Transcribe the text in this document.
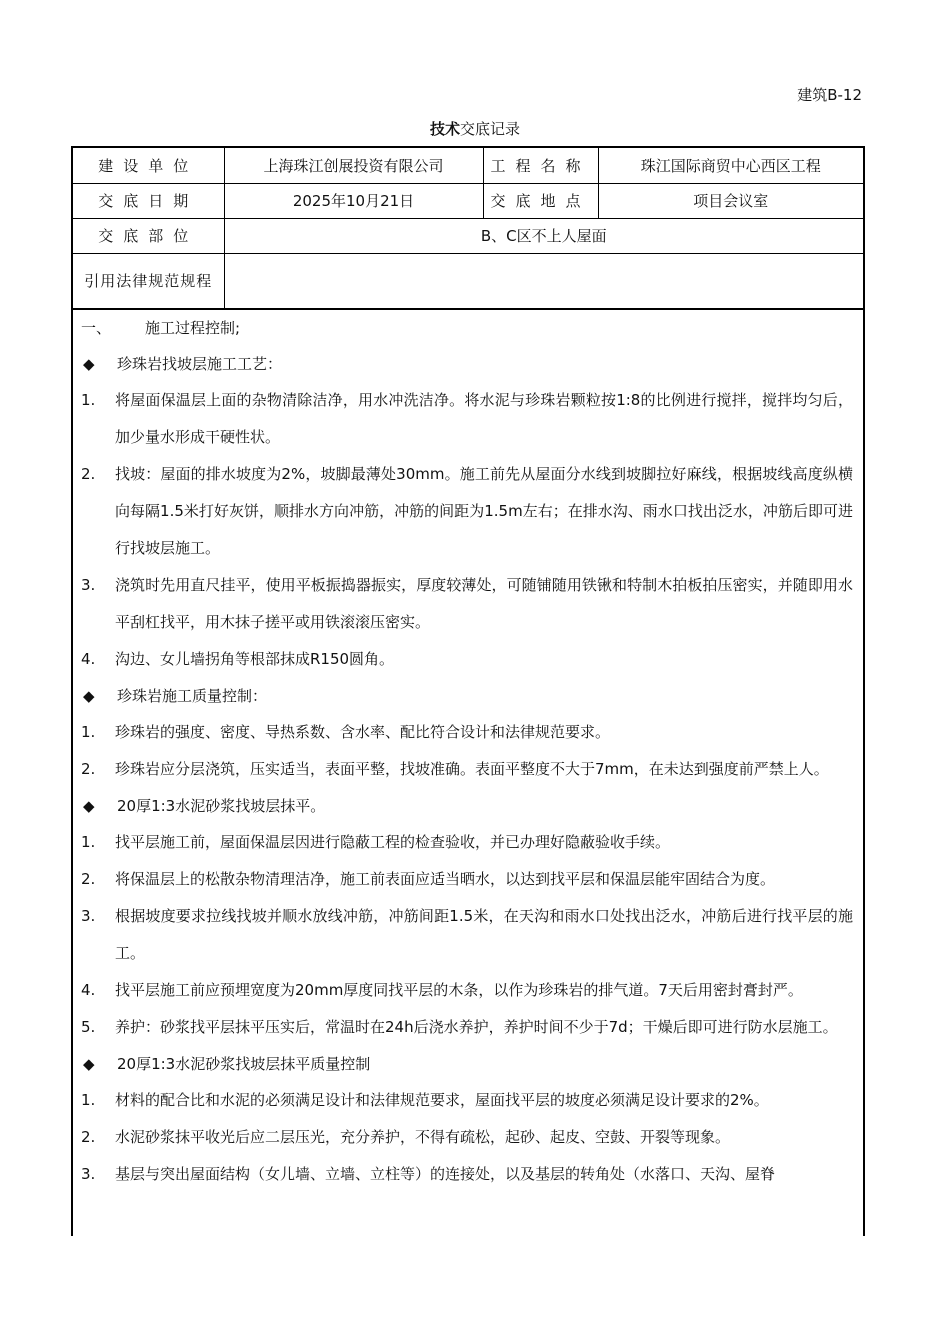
建筑B-12
技术交底记录
建设单位	上海珠江创展投资有限公司	工程名称	珠江国际商贸中心西区工程
交底日期	2025年10月21日	交底地点	项目会议室
交底部位	B、C区不上人屋面		
引用法律规范规程			
一、	施工过程控制;
◆	珍珠岩找坡层施工工艺：
1.	将屋面保温层上面的杂物清除洁净，用水冲洗洁净。将水泥与珍珠岩颗粒按1:8的比例进行搅拌，搅拌均匀后，加少量水形成干硬性状。
2.	找坡：屋面的排水坡度为2%，坡脚最薄处30mm。施工前先从屋面分水线到坡脚拉好麻线，根据坡线高度纵横向每隔1.5米打好灰饼，顺排水方向冲筋，冲筋的间距为1.5m左右；在排水沟、雨水口找出泛水，冲筋后即可进行找坡层施工。
3.	浇筑时先用直尺挂平，使用平板振捣器振实，厚度较薄处，可随铺随用铁锹和特制木拍板拍压密实，并随即用水平刮杠找平，用木抹子搓平或用铁滚滚压密实。
4.	沟边、女儿墙拐角等根部抹成R150圆角。
◆	珍珠岩施工质量控制：
1.	珍珠岩的强度、密度、导热系数、含水率、配比符合设计和法律规范要求。
2.	珍珠岩应分层浇筑，压实适当，表面平整，找坡准确。表面平整度不大于7mm，在未达到强度前严禁上人。
◆	20厚1:3水泥砂浆找坡层抹平。
1.	找平层施工前，屋面保温层因进行隐蔽工程的检查验收，并已办理好隐蔽验收手续。
2.	将保温层上的松散杂物清理洁净，施工前表面应适当晒水，以达到找平层和保温层能牢固结合为度。
3.	根据坡度要求拉线找坡并顺水放线冲筋，冲筋间距1.5米，在天沟和雨水口处找出泛水，冲筋后进行找平层的施工。
4.	找平层施工前应预埋宽度为20mm厚度同找平层的木条，以作为珍珠岩的排气道。7天后用密封膏封严。
5.	养护：砂浆找平层抹平压实后，常温时在24h后浇水养护，养护时间不少于7d；干燥后即可进行防水层施工。
◆	20厚1:3水泥砂浆找坡层抹平质量控制
1.	材料的配合比和水泥的必须满足设计和法律规范要求，屋面找平层的坡度必须满足设计要求的2%。
2.	水泥砂浆抹平收光后应二层压光，充分养护，不得有疏松，起砂、起皮、空鼓、开裂等现象。
3.	基层与突出屋面结构（女儿墙、立墙、立柱等）的连接处，以及基层的转角处（水落口、天沟、屋脊
